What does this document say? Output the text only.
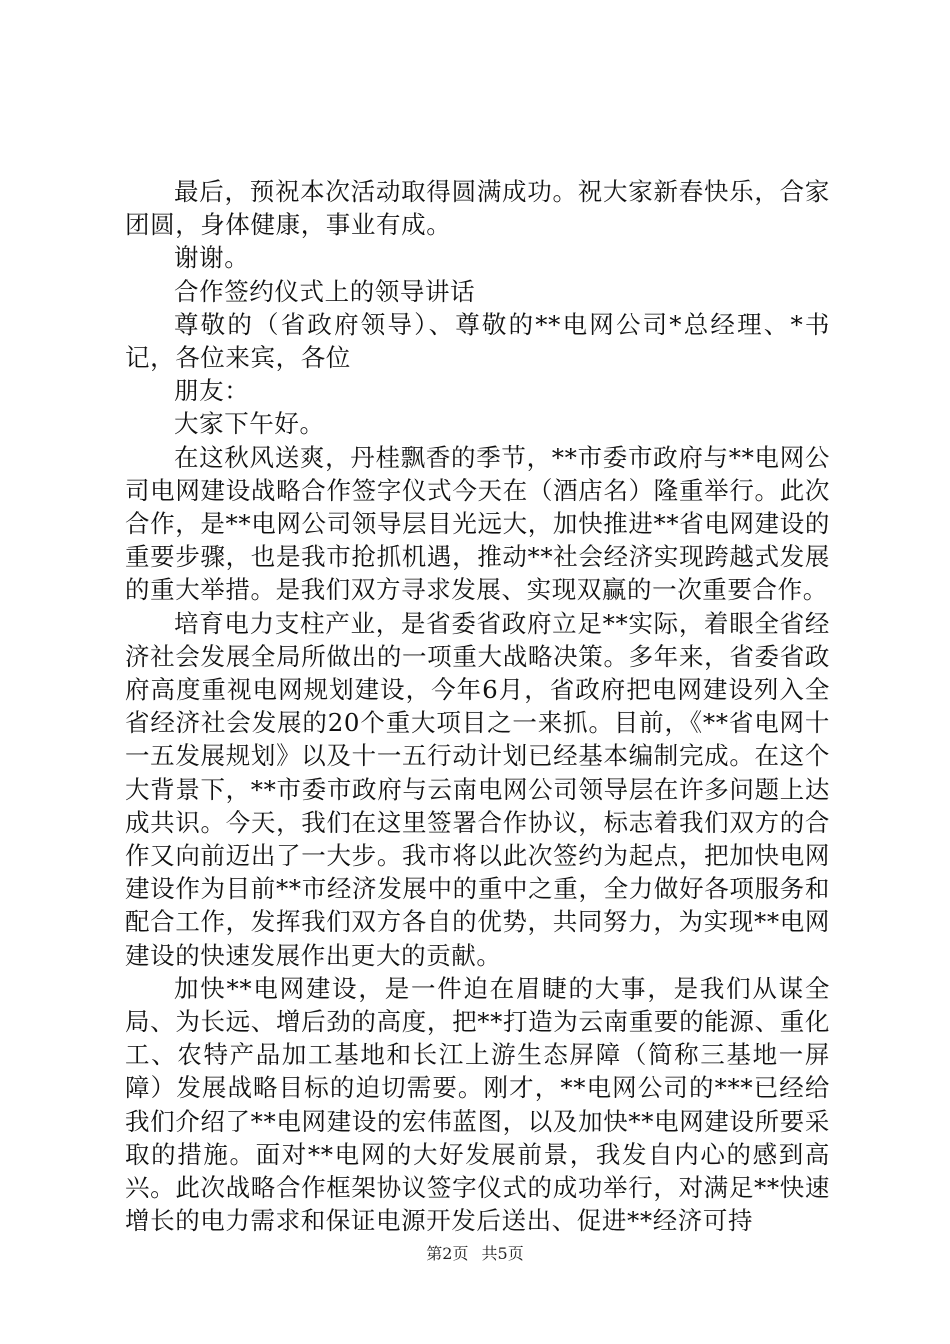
最后，预祝本次活动取得圆满成功。祝大家新春快乐，合家团圆，身体健康，事业有成。

谢谢。

合作签约仪式上的领导讲话

尊敬的（省政府领导）、尊敬的**电网公司*总经理、*书记，各位来宾，各位

朋友：

大家下午好。

在这秋风送爽，丹桂飘香的季节，**市委市政府与**电网公司电网建设战略合作签字仪式今天在（酒店名）隆重举行。此次合作，是**电网公司领导层目光远大，加快推进**省电网建设的重要步骤，也是我市抢抓机遇，推动**社会经济实现跨越式发展的重大举措。是我们双方寻求发展、实现双赢的一次重要合作。

培育电力支柱产业，是省委省政府立足**实际，着眼全省经济社会发展全局所做出的一项重大战略决策。多年来，省委省政府高度重视电网规划建设，今年6月，省政府把电网建设列入全省经济社会发展的20个重大项目之一来抓。目前，《**省电网十一五发展规划》以及十一五行动计划已经基本编制完成。在这个大背景下，**市委市政府与云南电网公司领导层在许多问题上达成共识。今天，我们在这里签署合作协议，标志着我们双方的合作又向前迈出了一大步。我市将以此次签约为起点，把加快电网建设作为目前**市经济发展中的重中之重，全力做好各项服务和配合工作，发挥我们双方各自的优势，共同努力，为实现**电网建设的快速发展作出更大的贡献。

加快**电网建设，是一件迫在眉睫的大事，是我们从谋全局、为长远、增后劲的高度，把**打造为云南重要的能源、重化工、农特产品加工基地和长江上游生态屏障（简称三基地一屏障）发展战略目标的迫切需要。刚才，**电网公司的***已经给我们介绍了**电网建设的宏伟蓝图，以及加快**电网建设所要采取的措施。面对**电网的大好发展前景，我发自内心的感到高兴。此次战略合作框架协议签字仪式的成功举行，对满足**快速增长的电力需求和保证电源开发后送出、促进**经济可持

第2页 共5页
